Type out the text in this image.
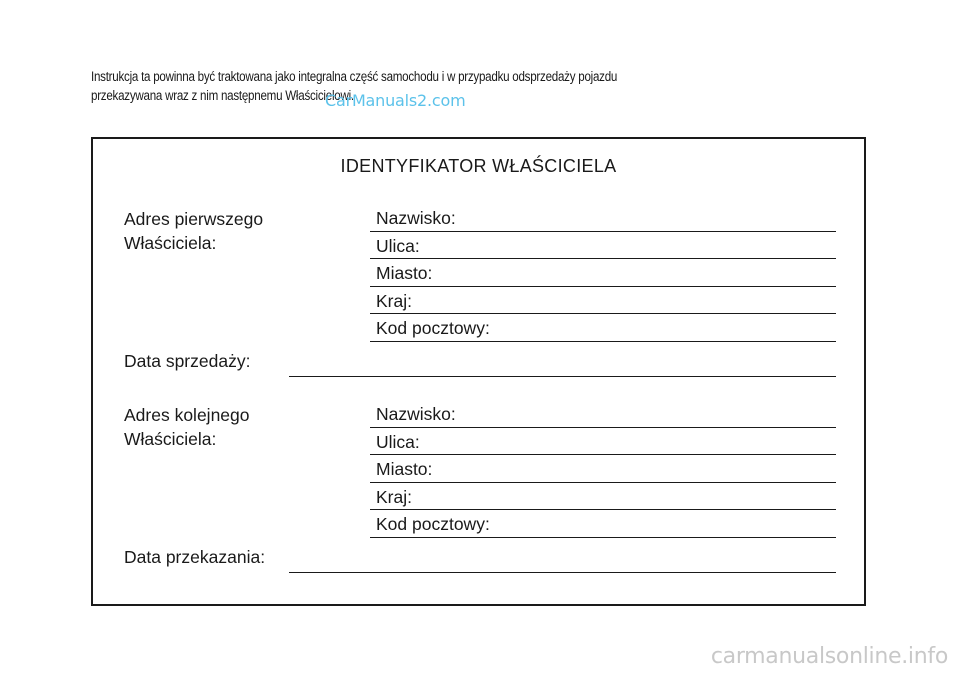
Instrukcja ta powinna być traktowana jako integralna część samochodu i w przypadku odsprzedaży pojazdu
przekazywana wraz z nim następnemu Właścicielowi.
CarManuals2.com
IDENTYFIKATOR WŁAŚCICIELA
Adres pierwszego
Właściciela:
Nazwisko:
Ulica:
Miasto:
Kraj:
Kod pocztowy:
Data sprzedaży:
Adres kolejnego
Właściciela:
Nazwisko:
Ulica:
Miasto:
Kraj:
Kod pocztowy:
Data przekazania:
carmanualsonline.info
